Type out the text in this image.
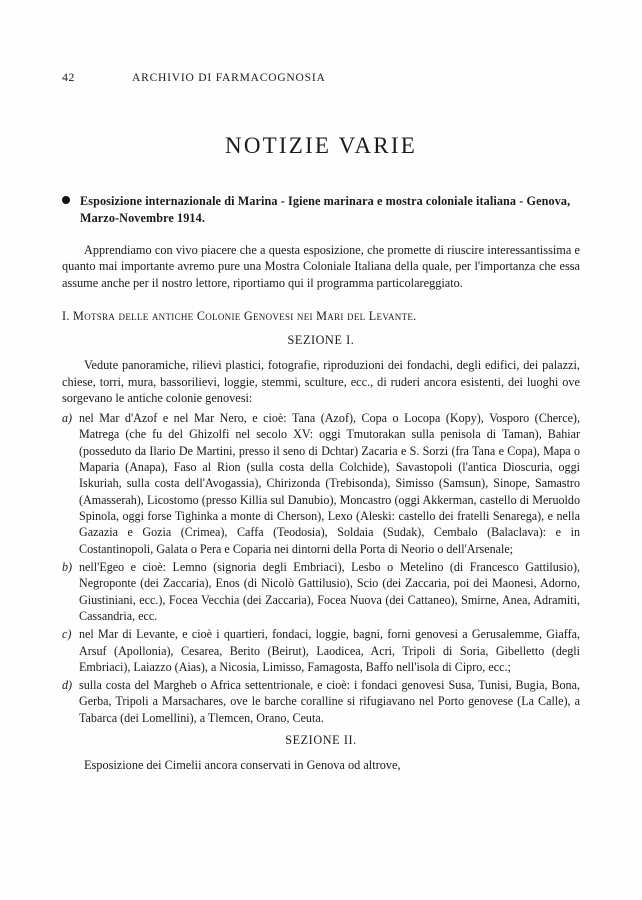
42	ARCHIVIO DI FARMACOGNOSIA
NOTIZIE VARIE
Esposizione internazionale di Marina - Igiene marinara e mostra coloniale italiana - Genova, Marzo-Novembre 1914.

Apprendiamo con vivo piacere che a questa esposizione, che promette di riuscire interessantissima e quanto mai importante avremo pure una Mostra Coloniale Italiana della quale, per l'importanza che essa assume anche per il nostro lettore, riportiamo qui il programma particolareggiato.

I. Motsra delle antiche Colonie Genovesi nei Mari del Levante.

SEZIONE I.

Vedute panoramiche, rilievi plastici, fotografie, riproduzioni dei fondachi, degli edifici, dei palazzi, chiese, torri, mura, bassorilievi, loggie, stemmi, sculture, ecc., di ruderi ancora esistenti, dei luoghi ove sorgevano le antiche colonie genovesi:

a) nel Mar d'Azof e nel Mar Nero, e cioè: Tana (Azof), Copa o Locopa (Kopy), Vosporo (Cherce), Matrega (che fu del Ghizolfi nel secolo XV: oggi Tmutorakan sulla penisola di Taman), Bahiar (posseduto da Ilario De Martini, presso il seno di Dchtar) Zacaria e S. Sorzi (fra Tana e Copa), Mapa o Maparia (Anapa), Faso al Rion (sulla costa della Colchide), Savastopoli (l'antica Dioscuria, oggi Iskuriah, sulla costa dell'Avogassia), Chirizonda (Trebisonda), Simisso (Samsun), Sinope, Samastro (Amasserah), Licostomo (presso Killia sul Danubio), Moncastro (oggi Akkerman, castello di Meruoldo Spinola, oggi forse Tighinka a monte di Cherson), Lexo (Aleski: castello dei fratelli Senarega), e nella Gazazia e Gozia (Crimea), Caffa (Teodosia), Soldaia (Sudak), Cembalo (Balaclava): e in Costantinopoli, Galata o Pera e Coparia nei dintorni della Porta di Neorio o dell'Arsenale;
b) nell'Egeo e cioè: Lemno (signoria degli Embriaci), Lesbo o Metelino (di Francesco Gattilusio), Negroponte (dei Zaccaria), Enos (di Nicolò Gattilusio), Scio (dei Zaccaria, poi dei Maonesi, Adorno, Giustiniani, ecc.), Focea Vecchia (dei Zaccaria), Focea Nuova (dei Cattaneo), Smirne, Anea, Adramiti, Cassandria, ecc.
c) nel Mar di Levante, e cioè i quartieri, fondaci, loggie, bagni, forni genovesi a Gerusalemme, Giaffa, Arsuf (Apollonia), Cesarea, Berito (Beirut), Laodicea, Acri, Tripoli di Soria, Gibelletto (degli Embriaci), Laiazzo (Aias), a Nicosia, Limisso, Famagosta, Baffo nell'isola di Cipro, ecc.;
d) sulla costa del Margheb o Africa settentrionale, e cioè: i fondaci genovesi Susa, Tunisi, Bugia, Bona, Gerba, Tripoli a Marsachares, ove le barche coralline si rifugiavano nel Porto genovese (La Calle), a Tabarca (dei Lomellini), a Tlemcen, Orano, Ceuta.

SEZIONE II.

Esposizione dei Cimelii ancora conservati in Genova od altrove,
